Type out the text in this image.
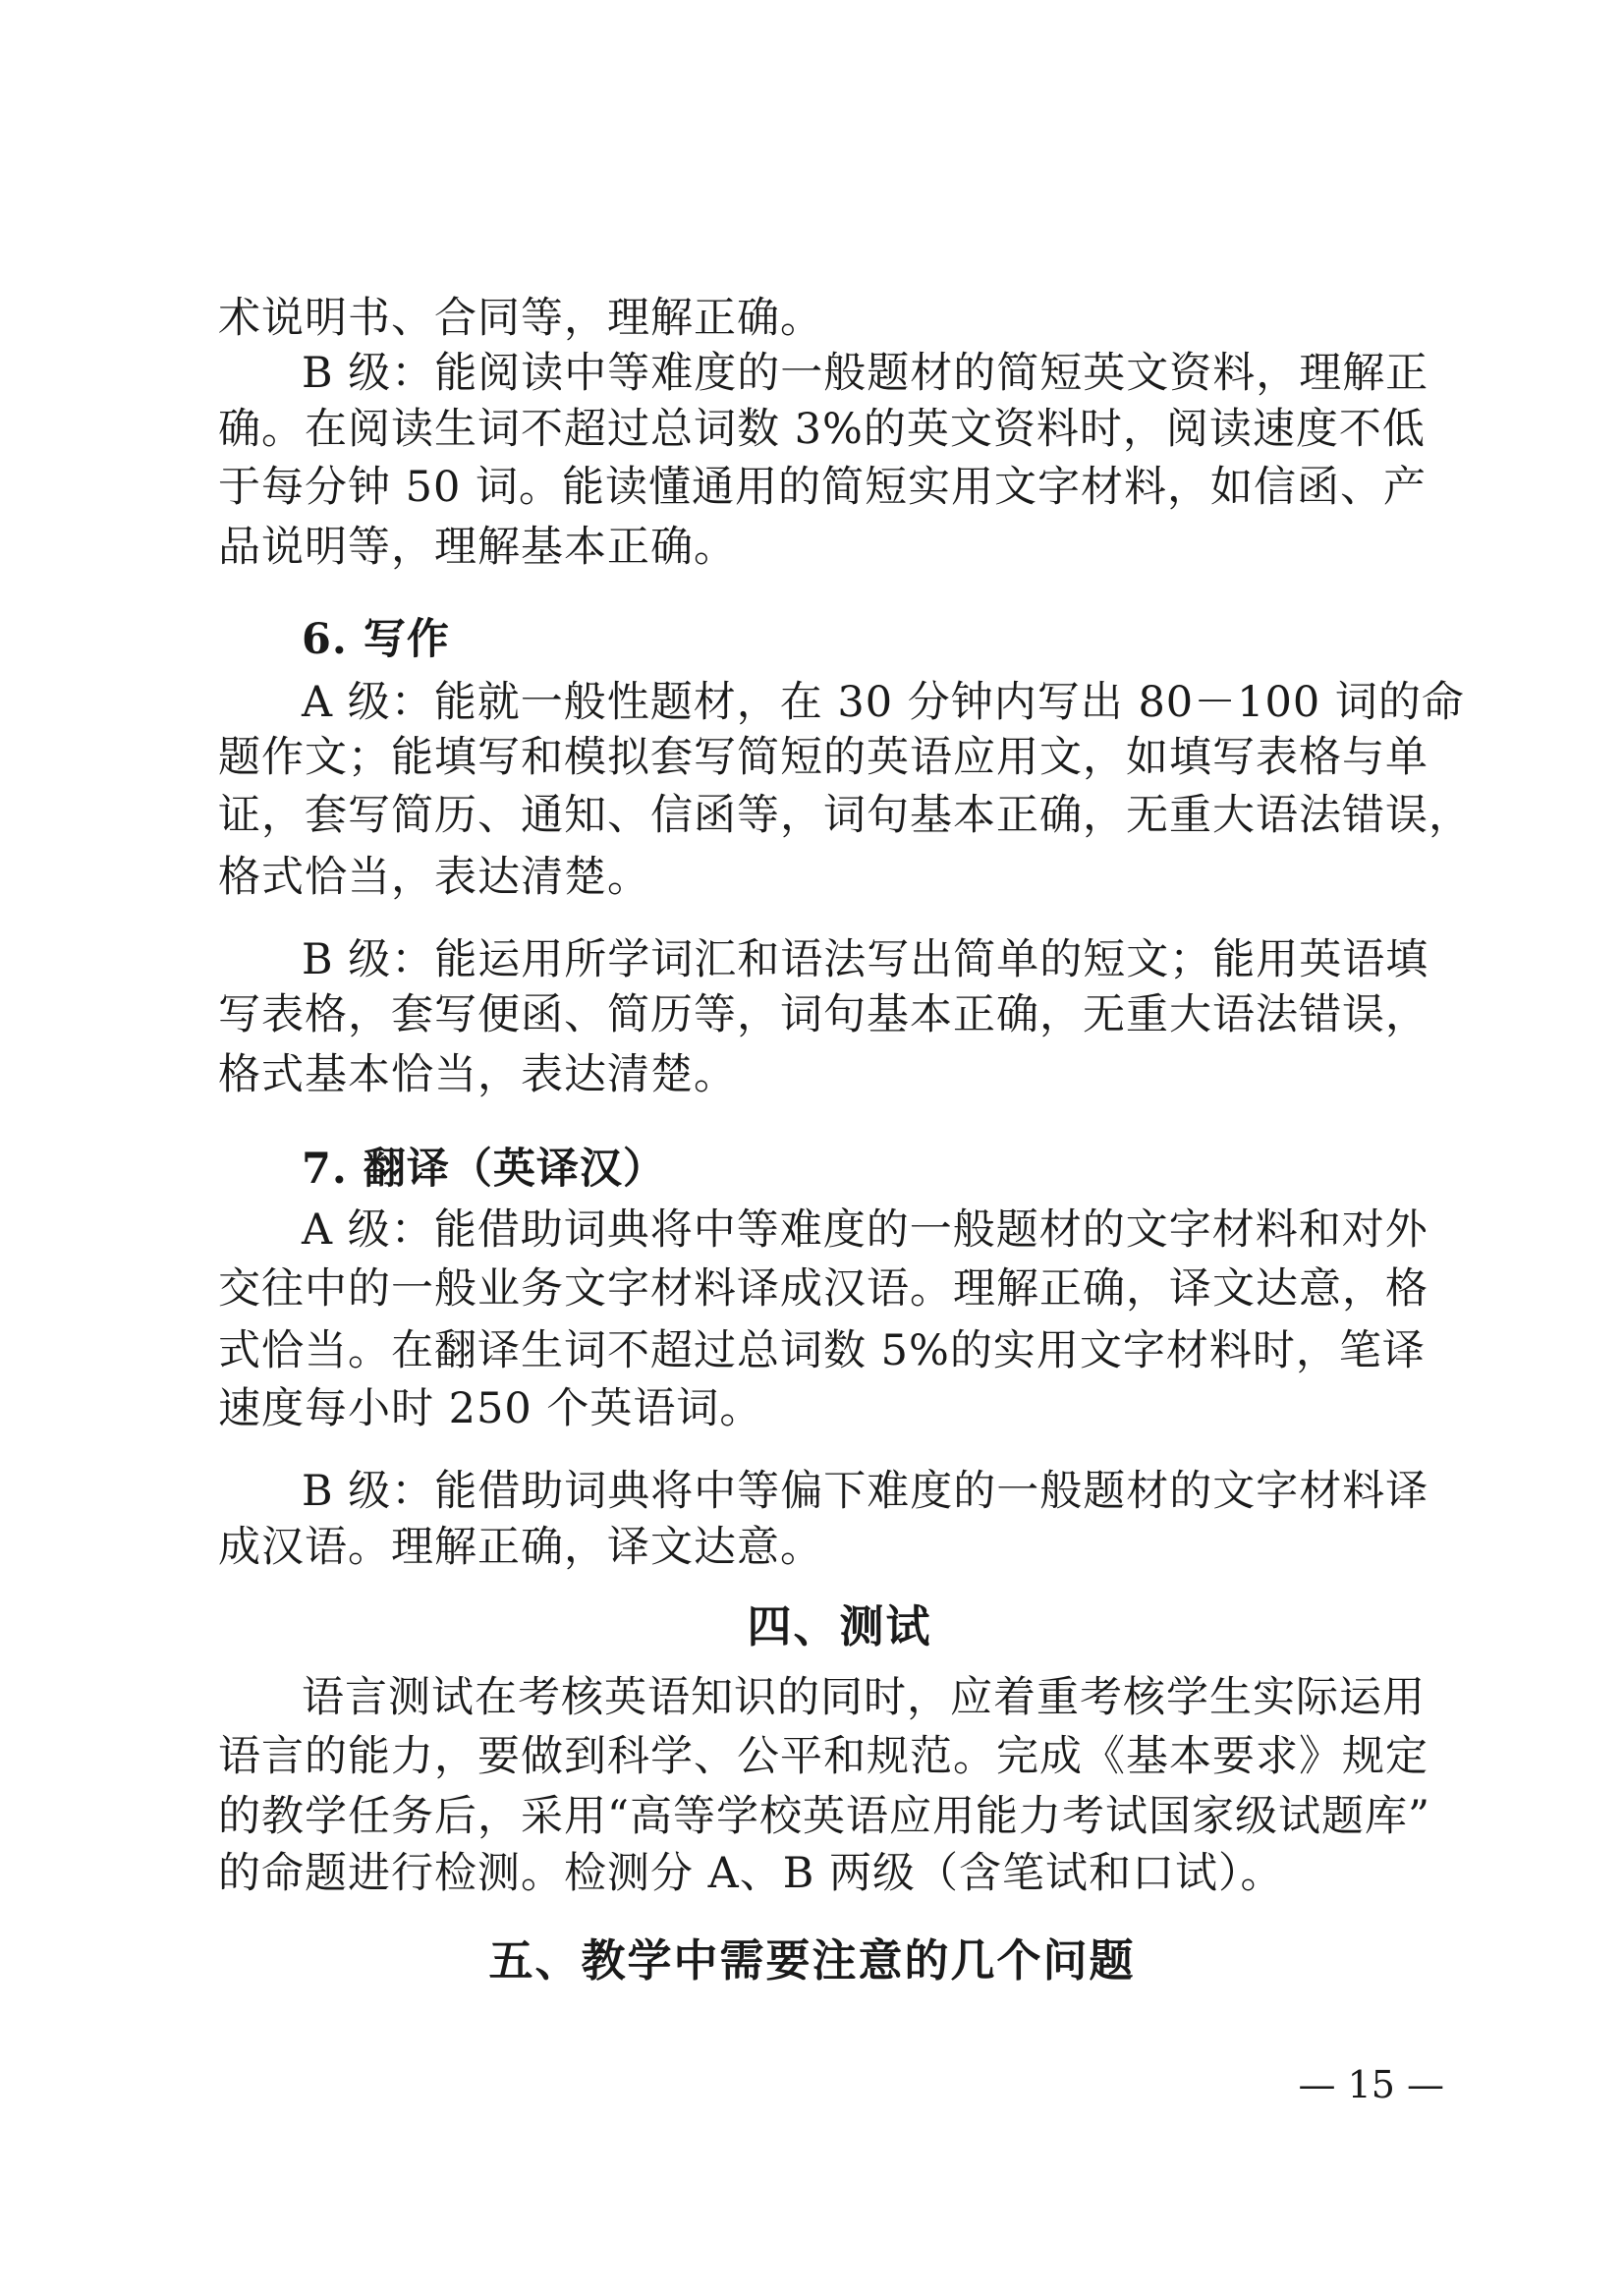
术说明书、合同等，理解正确。
B 级：能阅读中等难度的一般题材的简短英文资料，理解正
确。在阅读生词不超过总词数 3%的英文资料时，阅读速度不低
于每分钟 50 词。能读懂通用的简短实用文字材料，如信函、产
品说明等，理解基本正确。
6. 写作
A 级：能就一般性题材，在 30 分钟内写出 80－100 词的命
题作文；能填写和模拟套写简短的英语应用文，如填写表格与单
证，套写简历、通知、信函等，词句基本正确，无重大语法错误，
格式恰当，表达清楚。
B 级：能运用所学词汇和语法写出简单的短文；能用英语填
写表格，套写便函、简历等，词句基本正确，无重大语法错误，
格式基本恰当，表达清楚。
7. 翻译（英译汉）
A 级：能借助词典将中等难度的一般题材的文字材料和对外
交往中的一般业务文字材料译成汉语。理解正确，译文达意，格
式恰当。在翻译生词不超过总词数 5%的实用文字材料时，笔译
速度每小时 250 个英语词。
B 级：能借助词典将中等偏下难度的一般题材的文字材料译
成汉语。理解正确，译文达意。
四、测试
语言测试在考核英语知识的同时，应着重考核学生实际运用
语言的能力，要做到科学、公平和规范。完成《基本要求》规定
的教学任务后，采用“高等学校英语应用能力考试国家级试题库”
的命题进行检测。检测分 A、B 两级（含笔试和口试）。
五、教学中需要注意的几个问题
— 15 —
